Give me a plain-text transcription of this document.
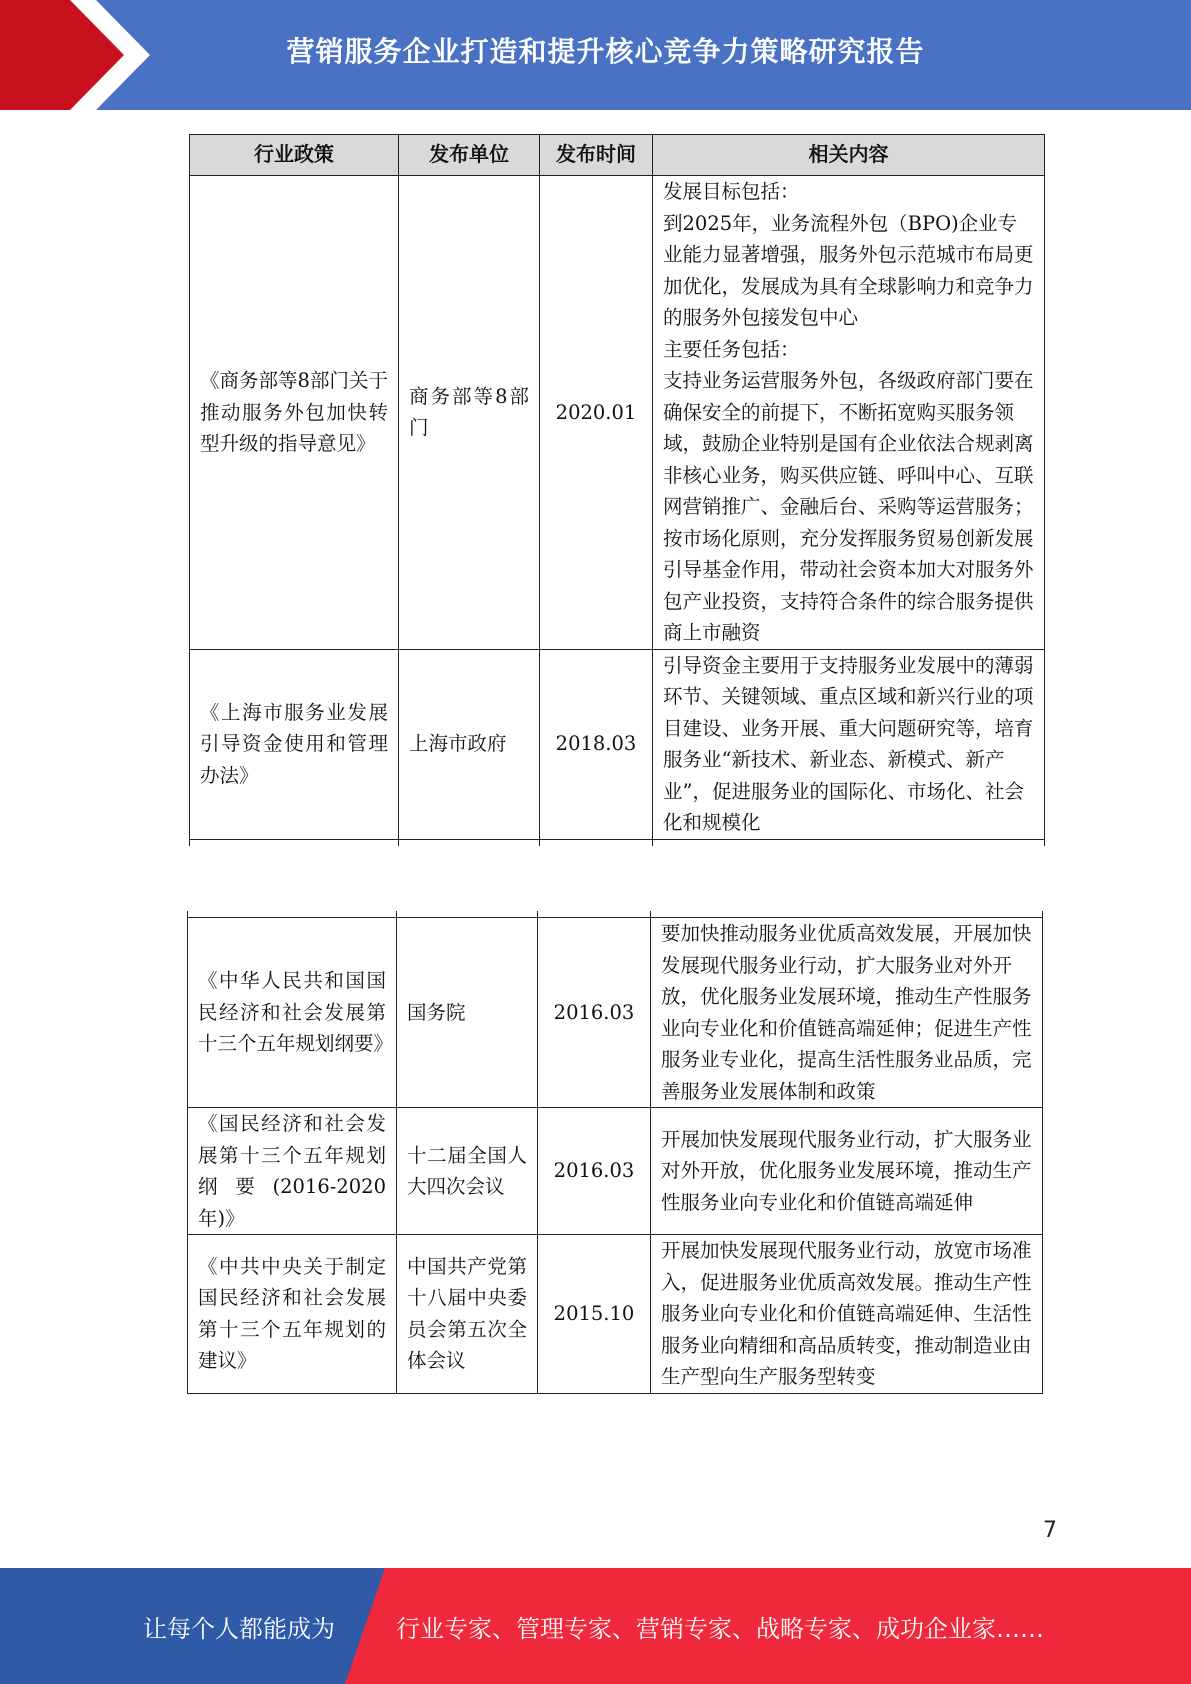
营销服务企业打造和提升核心竞争力策略研究报告
行业政策	发布单位	发布时间	相关内容
《商务部等8部门关于推动服务外包加快转型升级的指导意见》	商务部等8部门	2020.01	发展目标包括：
到2025年，业务流程外包（BPO)企业专业能力显著增强，服务外包示范城市布局更加优化，发展成为具有全球影响力和竞争力的服务外包接发包中心
主要任务包括：
支持业务运营服务外包，各级政府部门要在确保安全的前提下，不断拓宽购买服务领域，鼓励企业特别是国有企业依法合规剥离非核心业务，购买供应链、呼叫中心、互联网营销推广、金融后台、采购等运营服务；
按市场化原则，充分发挥服务贸易创新发展引导基金作用，带动社会资本加大对服务外包产业投资，支持符合条件的综合服务提供商上市融资

《上海市服务业发展引导资金使用和管理办法》	上海市政府	2018.03	引导资金主要用于支持服务业发展中的薄弱环节、关键领域、重点区域和新兴行业的项目建设、业务开展、重大问题研究等，培育服务业“新技术、新业态、新模式、新产业”，促进服务业的国际化、市场化、社会化和规模化

《中华人民共和国国民经济和社会发展第十三个五年规划纲要》	国务院	2016.03	要加快推动服务业优质高效发展，开展加快发展现代服务业行动，扩大服务业对外开放，优化服务业发展环境，推动生产性服务业向专业化和价值链高端延伸；促进生产性服务业专业化，提高生活性服务业品质，完善服务业发展体制和政策

《国民经济和社会发展第十三个五年规划纲要(2016-2020年)》	十二届全国人大四次会议	2016.03	开展加快发展现代服务业行动，扩大服务业对外开放，优化服务业发展环境，推动生产性服务业向专业化和价值链高端延伸

《中共中央关于制定国民经济和社会发展第十三个五年规划的建议》	中国共产党第十八届中央委员会第五次全体会议	2015.10	开展加快发展现代服务业行动，放宽市场准入，促进服务业优质高效发展。推动生产性服务业向专业化和价值链高端延伸、生活性服务业向精细和高品质转变，推动制造业由生产型向生产服务型转变
7
让每个人都能成为	行业专家、管理专家、营销专家、战略专家、成功企业家……
